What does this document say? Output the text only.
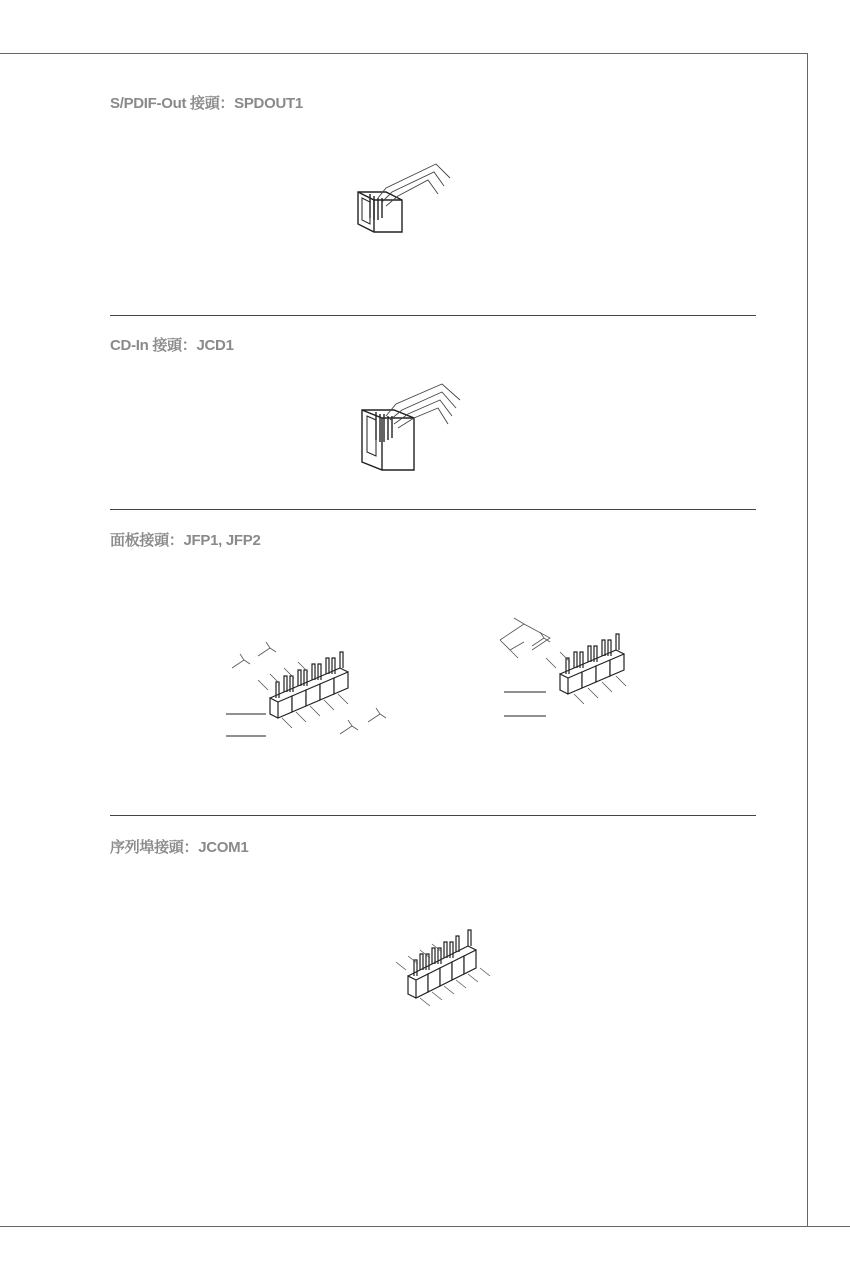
S/PDIF-Out 接頭：SPDOUT1
CD-In 接頭：JCD1
面板接頭：JFP1, JFP2
序列埠接頭：JCOM1
